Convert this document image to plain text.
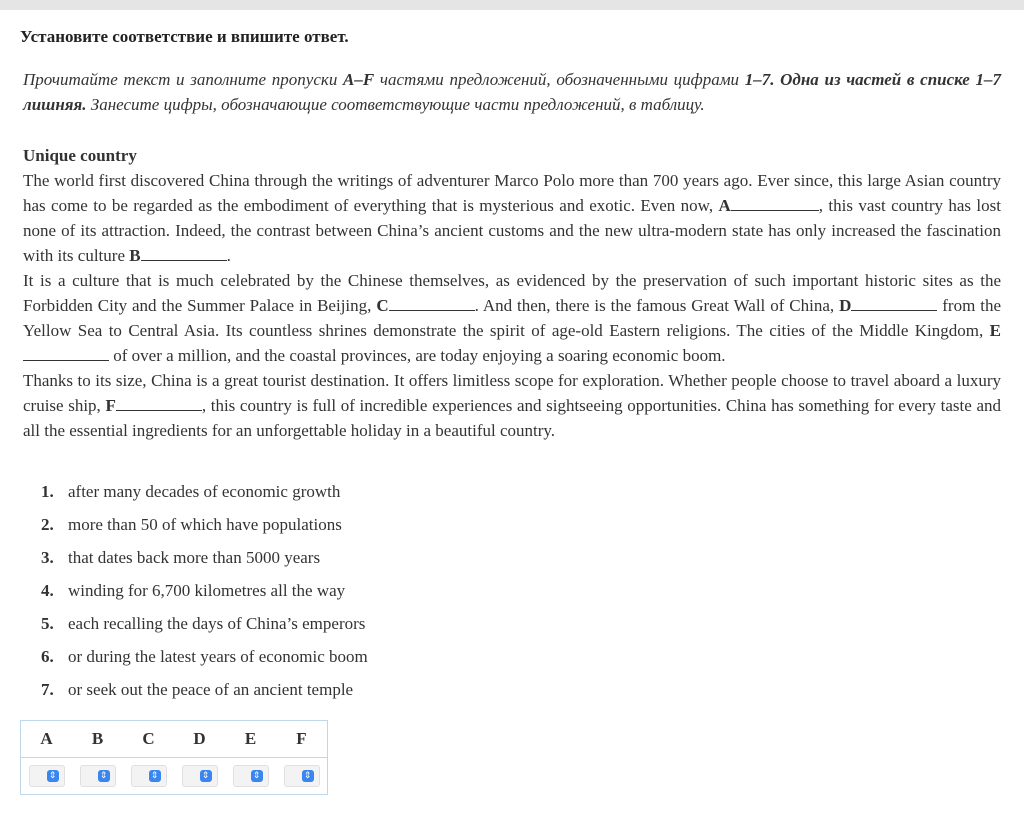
Установите соответствие и впишите ответ.
Прочитайте текст и заполните пропуски A–F частями предложений, обозначенными цифрами 1–7. Одна из частей в списке 1–7 лишняя. Занесите цифры, обозначающие соответствующие части предложений, в таблицу.
Unique country
The world first discovered China through the writings of adventurer Marco Polo more than 700 years ago. Ever since, this large Asian country has come to be regarded as the embodiment of everything that is mysterious and exotic. Even now, A	, this vast country has lost none of its attraction. Indeed, the contrast between China’s ancient customs and the new ultra-modern state has only increased the fascination with its culture B	.
It is a culture that is much celebrated by the Chinese themselves, as evidenced by the preservation of such important historic sites as the Forbidden City and the Summer Palace in Beijing, C	. And then, there is the famous Great Wall of China, D	from the Yellow Sea to Central Asia. Its countless shrines demonstrate the spirit of age-old Eastern religions. The cities of the Middle Kingdom, E of over a million, and the coastal provinces, are today enjoying a soaring economic boom.
Thanks to its size, China is a great tourist destination. It offers limitless scope for exploration. Whether people choose to travel aboard a luxury cruise ship, F	, this country is full of incredible experiences and sightseeing opportunities. China has something for every taste and all the essential ingredients for an unforgettable holiday in a beautiful country.
1. after many decades of economic growth
2. more than 50 of which have populations
3. that dates back more than 5000 years
4. winding for 6,700 kilometres all the way
5. each recalling the days of China’s emperors
6. or during the latest years of economic boom
7. or seek out the peace of an ancient temple
A	B	C	D	E	F

⇕	⇕	⇕	⇕	⇕	⇕
